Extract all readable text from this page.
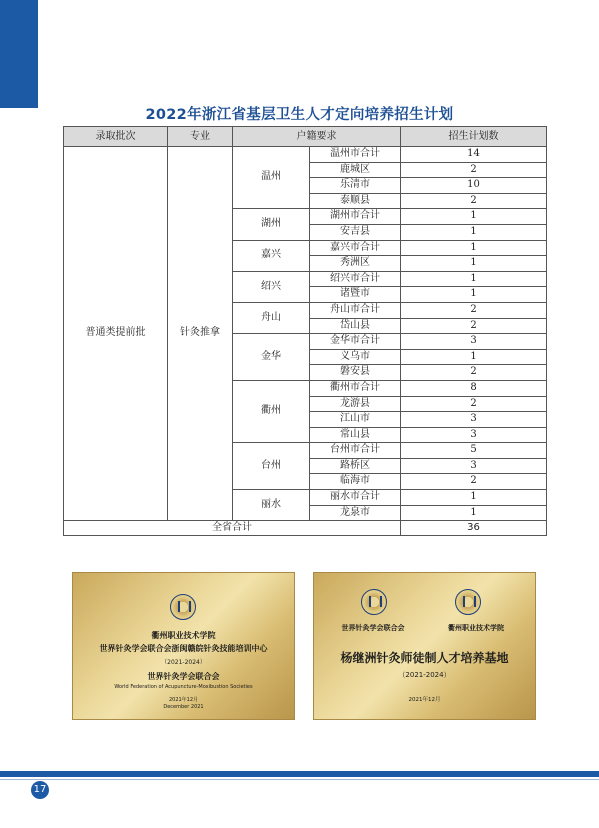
2022年浙江省基层卫生人才定向培养招生计划
录取批次	专业	户籍要求		招生计划数
普通类提前批	针灸推拿	温州	温州市合计	14
			鹿城区	2
			乐清市	10
			泰顺县	2
		湖州	湖州市合计	1
			安吉县	1
		嘉兴	嘉兴市合计	1
			秀洲区	1
		绍兴	绍兴市合计	1
			诸暨市	1
		舟山	舟山市合计	2
			岱山县	2
		金华	金华市合计	3
			义乌市	1
			磐安县	2
		衢州	衢州市合计	8
			龙游县	2
			江山市	3
			常山县	3
		台州	台州市合计	5
			路桥区	3
			临海市	2
		丽水	丽水市合计	1
			龙泉市	1
全省合计				36
衢州职业技术学院
世界针灸学会联合会浙闽赣皖针灸技能培训中心
（2021-2024）
世界针灸学会联合会
World Federation of Acupuncture-Moxibustion Societies
2021年12月
December 2021
世界针灸学会联合会	衢州职业技术学院
杨继洲针灸师徒制人才培养基地
（2021-2024）
2021年12月
17
